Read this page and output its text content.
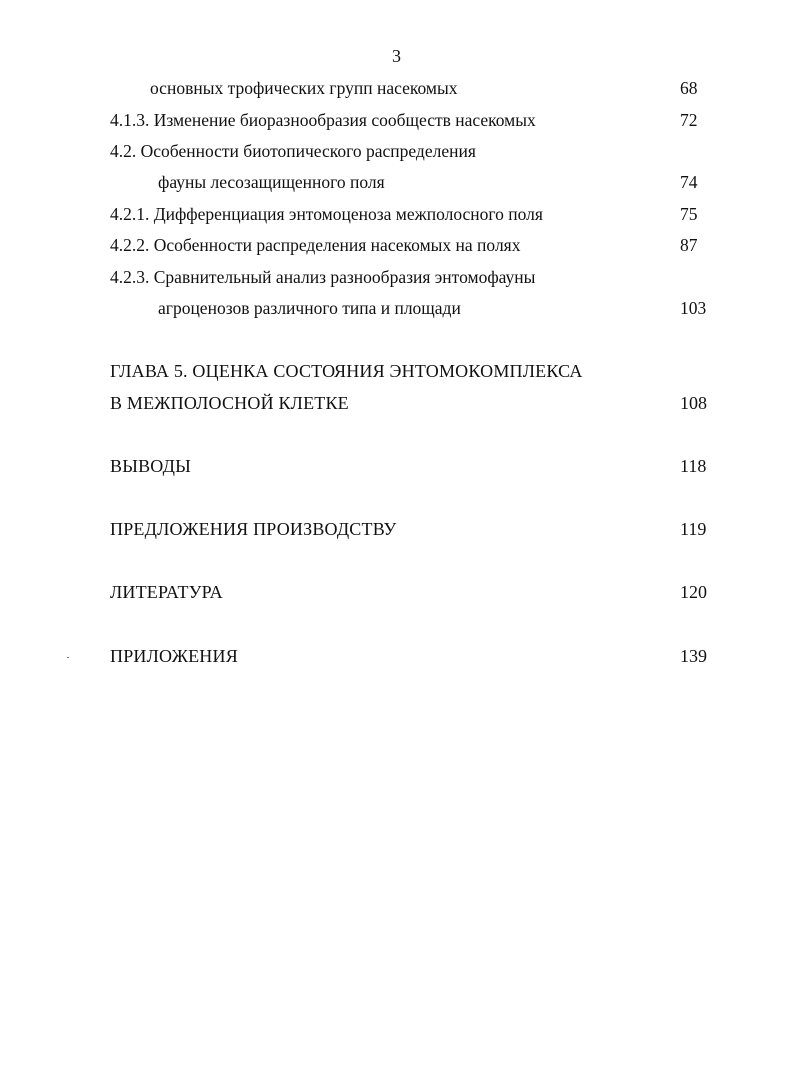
3
основных трофических групп насекомых	68
4.1.3. Изменение биоразнообразия сообществ насекомых	72
4.2. Особенности биотопического распределения
фауны лесозащищенного поля	74
4.2.1. Дифференциация энтомоценоза межполосного поля	75
4.2.2. Особенности распределения насекомых на полях	87
4.2.3. Сравнительный анализ разнообразия энтомофауны
агроценозов различного типа и площади	103
ГЛАВА 5. ОЦЕНКА СОСТОЯНИЯ ЭНТОМОКОМПЛЕКСА
В МЕЖПОЛОСНОЙ КЛЕТКЕ	108
ВЫВОДЫ	118
ПРЕДЛОЖЕНИЯ ПРОИЗВОДСТВУ	119
ЛИТЕРАТУРА	120
ПРИЛОЖЕНИЯ	139
